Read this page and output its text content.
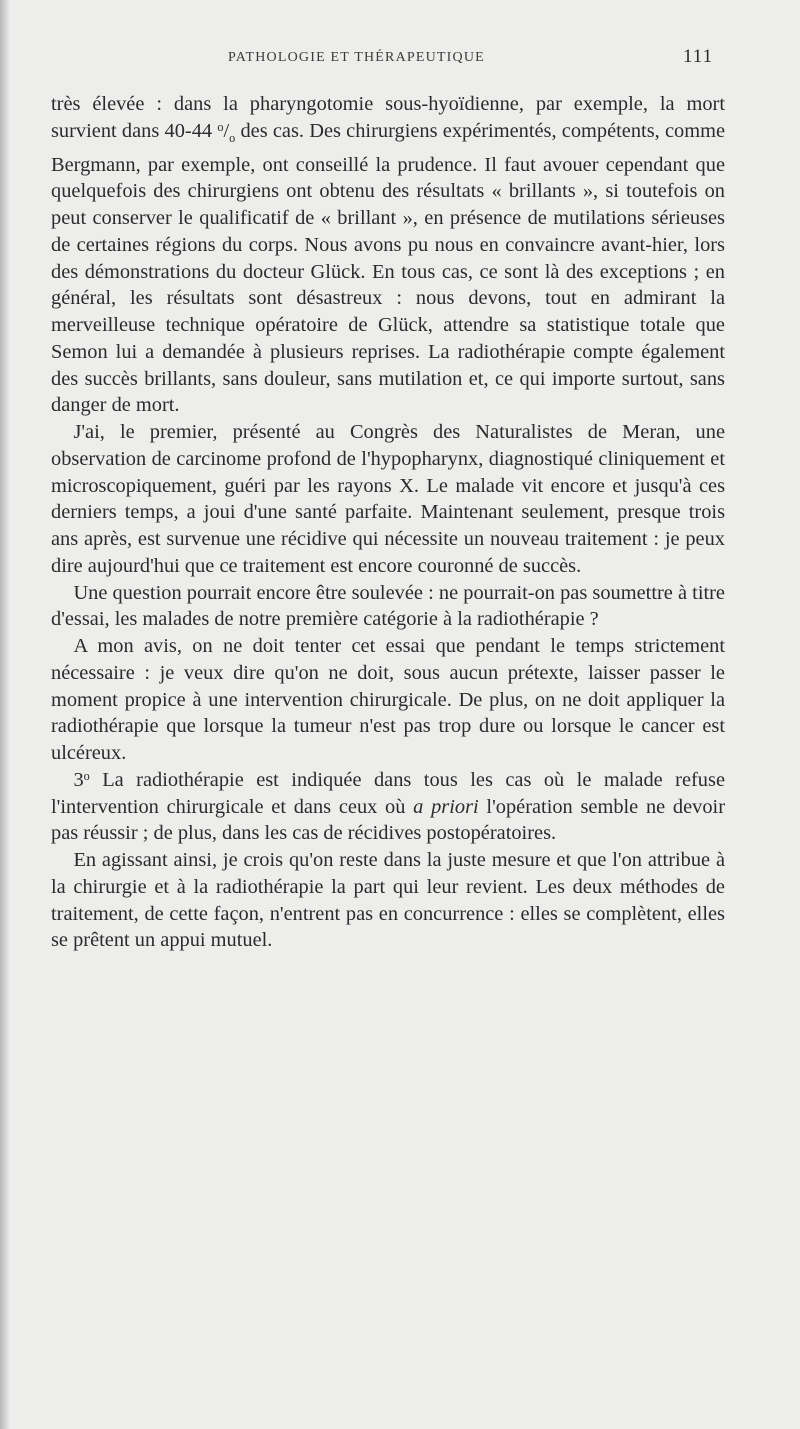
PATHOLOGIE ET THÉRAPEUTIQUE	111

très élevée : dans la pharyngotomie sous-hyoïdienne, par exemple, la mort survient dans 40-44 $^o/_o$ des cas. Des chirurgiens expérimentés, compétents, comme Bergmann, par exemple, ont conseillé la prudence. Il faut avouer cependant que quelquefois des chirurgiens ont obtenu des résultats « brillants », si toutefois on peut conserver le qualificatif de « brillant », en présence de mutilations sérieuses de certaines régions du corps. Nous avons pu nous en convaincre avant-hier, lors des démonstrations du docteur Glück. En tous cas, ce sont là des exceptions ; en général, les résultats sont désastreux : nous devons, tout en admirant la merveilleuse technique opératoire de Glück, attendre sa statistique totale que Semon lui a demandée à plusieurs reprises. La radiothérapie compte également des succès brillants, sans douleur, sans mutilation et, ce qui importe surtout, sans danger de mort.

J'ai, le premier, présenté au Congrès des Naturalistes de Meran, une observation de carcinome profond de l'hypopharynx, diagnostiqué cliniquement et microscopiquement, guéri par les rayons X. Le malade vit encore et jusqu'à ces derniers temps, a joui d'une santé parfaite. Maintenant seulement, presque trois ans après, est survenue une récidive qui nécessite un nouveau traitement : je peux dire aujourd'hui que ce traitement est encore couronné de succès.

Une question pourrait encore être soulevée : ne pourrait-on pas soumettre à titre d'essai, les malades de notre première catégorie à la radiothérapie ?

A mon avis, on ne doit tenter cet essai que pendant le temps strictement nécessaire : je veux dire qu'on ne doit, sous aucun prétexte, laisser passer le moment propice à une intervention chirurgicale. De plus, on ne doit appliquer la radiothérapie que lorsque la tumeur n'est pas trop dure ou lorsque le cancer est ulcéreux.

3$^o$ La radiothérapie est indiquée dans tous les cas où le malade refuse l'intervention chirurgicale et dans ceux où a priori l'opération semble ne devoir pas réussir ; de plus, dans les cas de récidives postopératoires.

En agissant ainsi, je crois qu'on reste dans la juste mesure et que l'on attribue à la chirurgie et à la radiothérapie la part qui leur revient. Les deux méthodes de traitement, de cette façon, n'entrent pas en concurrence : elles se complètent, elles se prêtent un appui mutuel.
